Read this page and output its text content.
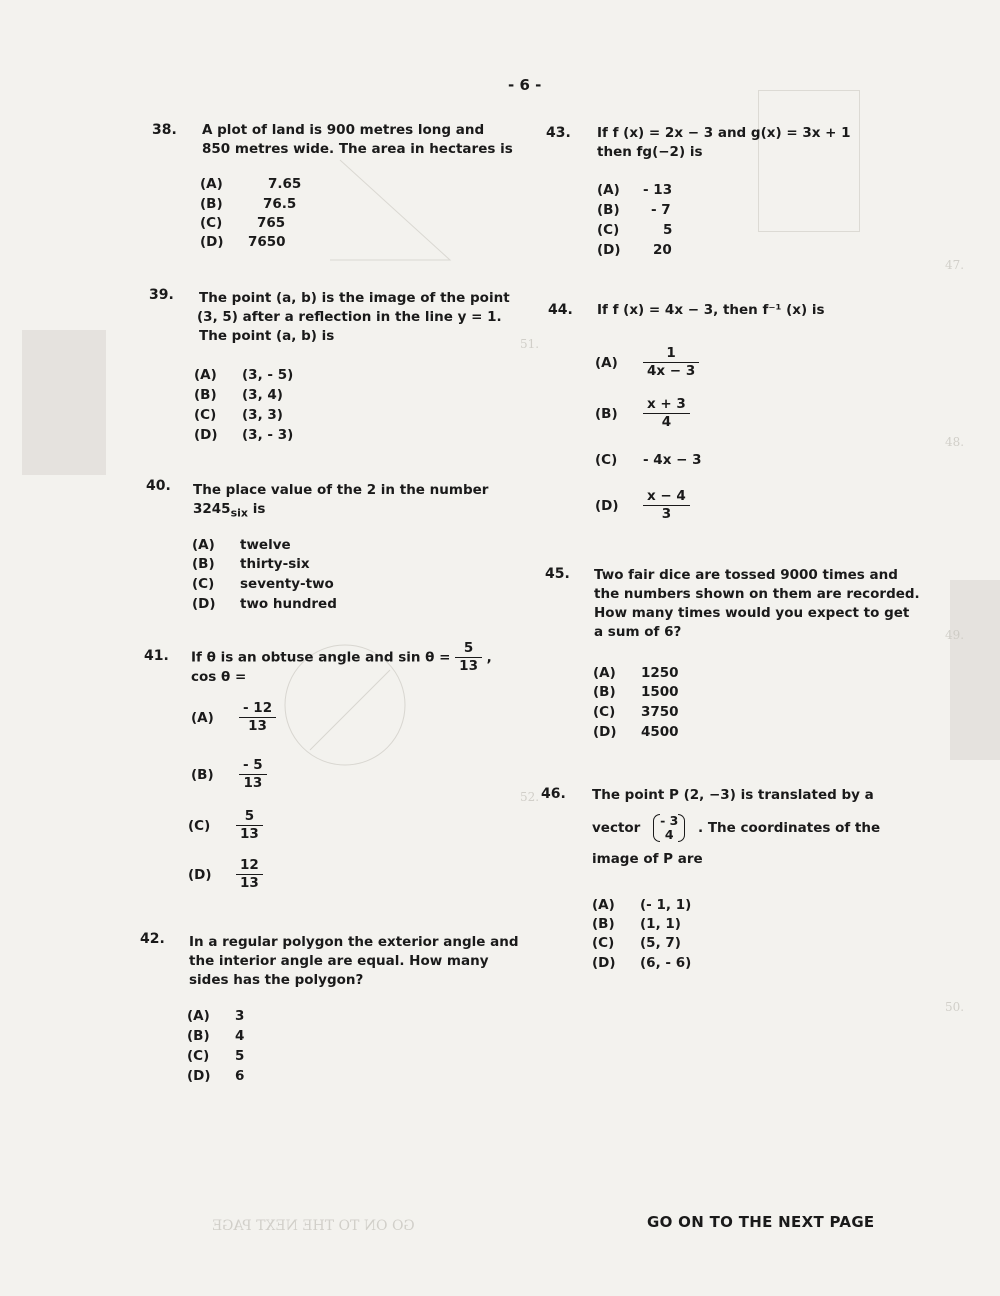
47.
51.
48.
52.
49.
50.
GO ON TO THE NEXT PAGE
- 6 -
38. A plot of land is 900 metres long and
850 metres wide. The area in hectares is
(A)	7.65
(B)	76.5
(C)	765
(D) 7650
39. The point (a, b) is the image of the point
(3, 5) after a reflection in the line y = 1.
The point (a, b) is
(A) (3, - 5)
(B) (3, 4)
(C) (3, 3)
(D) (3, - 3)
40. The place value of the 2 in the number
$3245_{six}$ is
(A) twelve
(B) thirty-six
(C) seventy-two
(D) two hundred
41. If θ is an obtuse angle and $\sin \theta = \frac{5}{13}$ ,
cos θ =
$(A) \frac{- 12}{13}$
$(B) \frac{- 5}{13}$
$(C) \frac{5}{13}$
$(D) \frac{12}{13}$
42. In a regular polygon the exterior angle and
the interior angle are equal. How many
sides has the polygon?
(A) 3
(B) 4
(C) 5
(D) 6
43. If f (x) = 2x − 3 and g(x) = 3x + 1
then fg(−2) is
(A) - 13
(B) - 7
(C)	5
(D) 20
44. If f (x) = 4x − 3, then f⁻¹ (x) is
$(A) \frac{1}{4x - 3}$
$(B) \frac{x + 3}{4}$
(C) - 4x − 3
$(D) \frac{x - 4}{3}$
45. Two fair dice are tossed 9000 times and
the numbers shown on them are recorded.
How many times would you expect to get
a sum of 6?
(A) 1250
(B) 1500
(C) 3750
(D) 4500
46. The point P (2, −3) is translated by a
vector - 3
4	. The coordinates of the
image of P are
(A) (- 1, 1)
(B) (1, 1)
(C) (5, 7)
(D) (6, - 6)
GO ON TO THE NEXT PAGE
